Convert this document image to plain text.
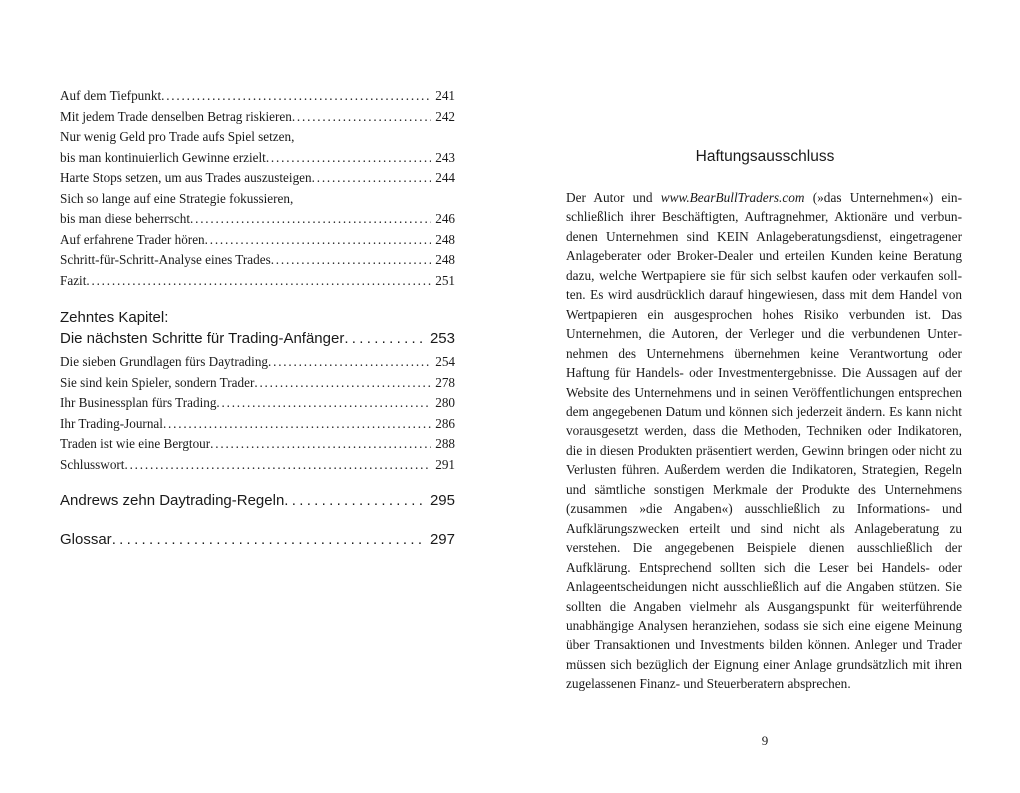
Auf dem Tiefpunkt .....	241
Mit jedem Trade denselben Betrag riskieren .....	242
Nur wenig Geld pro Trade aufs Spiel setzen,
bis man kontinuierlich Gewinne erzielt .....	243
Harte Stops setzen, um aus Trades auszusteigen .....	244
Sich so lange auf eine Strategie fokussieren,
bis man diese beherrscht .....	246
Auf erfahrene Trader hören .....	248
Schritt-für-Schritt-Analyse eines Trades .....	248
Fazit .....	251
Zehntes Kapitel:
Die nächsten Schritte für Trading-Anfänger .....	253
Die sieben Grundlagen fürs Daytrading .....	254
Sie sind kein Spieler, sondern Trader .....	278
Ihr Businessplan fürs Trading .....	280
Ihr Trading-Journal .....	286
Traden ist wie eine Bergtour .....	288
Schlusswort .....	291
Andrews zehn Daytrading-Regeln .....	295
Glossar .....	297
Haftungsausschluss
Der Autor und www.BearBullTraders.com (»das Unternehmen«) einschließlich ihrer Beschäftigten, Auftragnehmer, Aktionäre und verbundenen Unternehmen sind KEIN Anlageberatungsdienst, eingetragener Anlageberater oder Broker-Dealer und erteilen Kunden keine Beratung dazu, welche Wertpapiere sie für sich selbst kaufen oder verkaufen sollten. Es wird ausdrücklich darauf hingewiesen, dass mit dem Handel von Wertpapieren ein ausgesprochen hohes Risiko verbunden ist. Das Unternehmen, die Autoren, der Verleger und die verbundenen Unternehmen des Unternehmens übernehmen keine Verantwortung oder Haftung für Handels- oder Investmentergebnisse. Die Aussagen auf der Website des Unternehmens und in seinen Veröffentlichungen entsprechen dem angegebenen Datum und können sich jederzeit ändern. Es kann nicht vorausgesetzt werden, dass die Methoden, Techniken oder Indikatoren, die in diesen Produkten präsentiert werden, Gewinn bringen oder nicht zu Verlusten führen. Außerdem werden die Indikatoren, Strategien, Regeln und sämtliche sonstigen Merkmale der Produkte des Unternehmens (zusammen »die Angaben«) ausschließlich zu Informations- und Aufklärungszwecken erteilt und sind nicht als Anlageberatung zu verstehen. Die angegebenen Beispiele dienen ausschließlich der Aufklärung. Entsprechend sollten sich die Leser bei Handels- oder Anlageentscheidungen nicht ausschließlich auf die Angaben stützen. Sie sollten die Angaben vielmehr als Ausgangspunkt für weiterführende unabhängige Analysen heranziehen, sodass sie sich eine eigene Meinung über Transaktionen und Investments bilden können. Anleger und Trader müssen sich bezüglich der Eignung einer Anlage grundsätzlich mit ihren zugelassenen Finanz- und Steuerberatern absprechen.
9
